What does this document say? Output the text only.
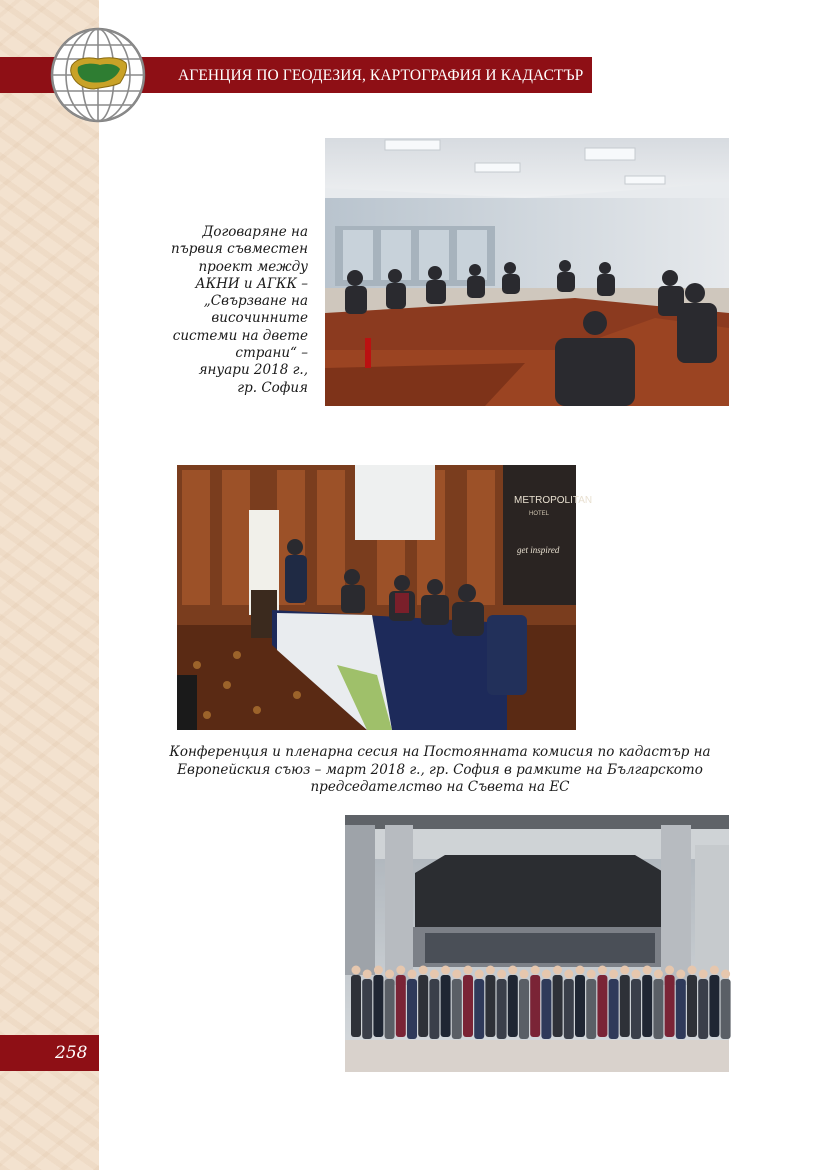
АГЕНЦИЯ ПО ГЕОДЕЗИЯ, КАРТОГРАФИЯ И КАДАСТЪР
Договаряне на
първия съвместен
проект между
АКНИ и АГКК –
„Свързване на
височинните
системи на двете
страни“ –
януари 2018 г.,
гр. София
METROPOLITAN
HOTEL
get inspired
Конференция и пленарна сесия на Постоянната комисия по кадастър на
Европейския съюз – март 2018 г., гр. София в рамките на Българското
председателство на Съвета на ЕС
258
